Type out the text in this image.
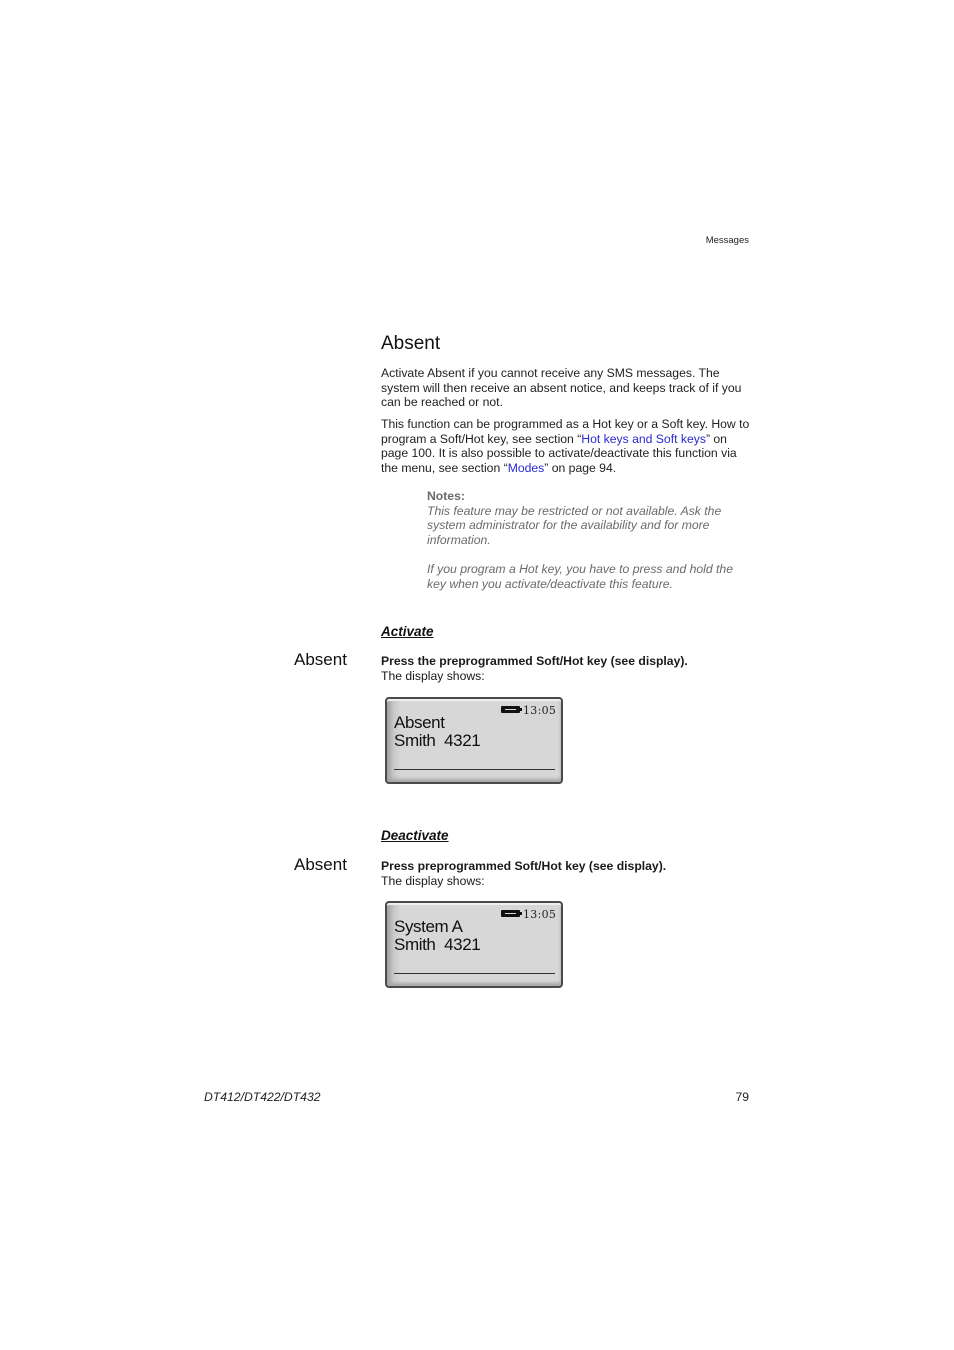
Messages
Absent

Activate Absent if you cannot receive any SMS messages. The system will then receive an absent notice, and keeps track of if you can be reached or not.

This function can be programmed as a Hot key or a Soft key. How to program a Soft/Hot key, see section “Hot keys and Soft keys” on page 100. It is also possible to activate/deactivate this function via the menu, see section “Modes” on page 94.

Notes:

This feature may be restricted or not available. Ask the system administrator for the availability and for more information.

If you program a Hot key, you have to press and hold the key when you activate/deactivate this feature.

Activate
Absent	Press the preprogrammed Soft/Hot key (see display).
The display shows:
13:05
Absent
Smith  4321
Deactivate
Absent	Press preprogrammed Soft/Hot key (see display).
The display shows:
13:05
System A
Smith  4321
DT412/DT422/DT432	79
